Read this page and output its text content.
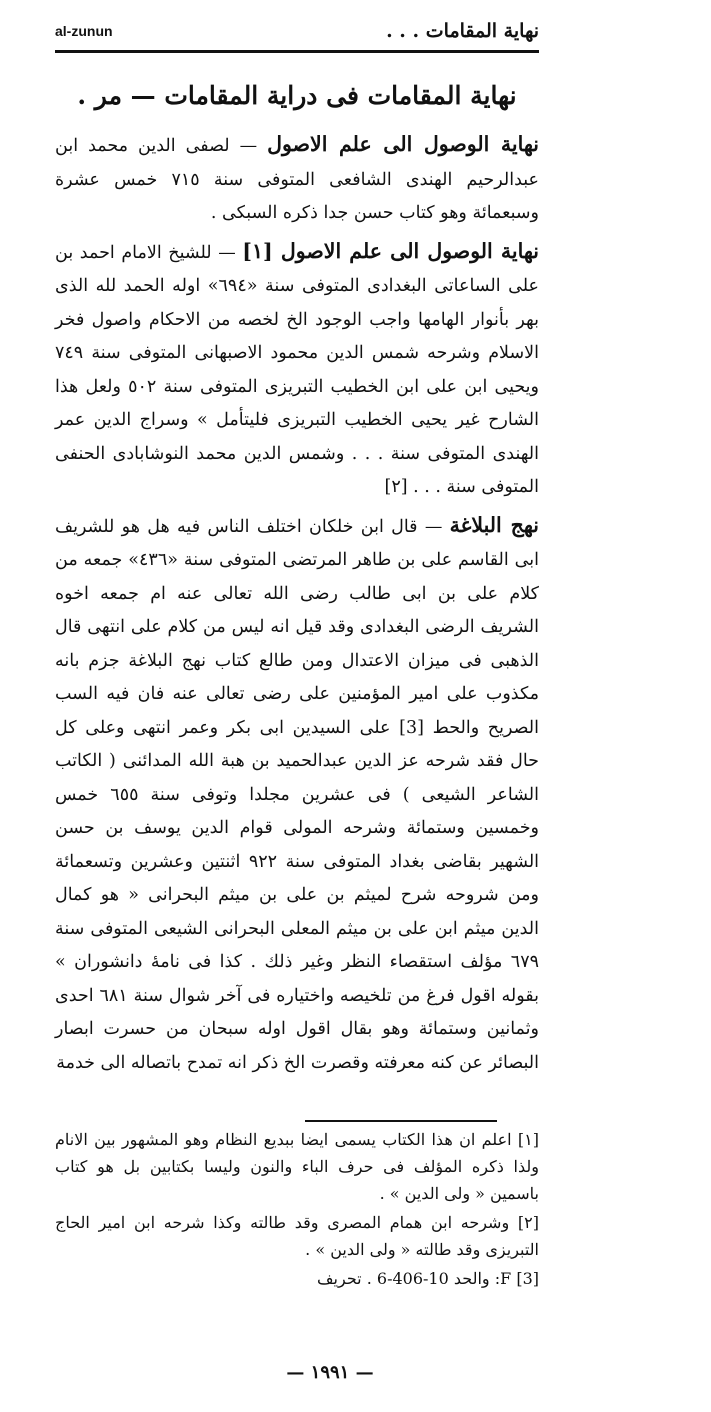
نهاية المقامات . . .
al-zunun
نهاية المقامات فى دراية المقامات — مر .

نهاية الوصول الى علم الاصول — لصفى الدين محمد ابن عبدالرحيم الهندى الشافعى المتوفى سنة ٧١٥ خمس عشرة وسبعمائة وهو كتاب حسن جدا ذكره السبكى .

نهاية الوصول الى علم الاصول [١] — للشيخ الامام احمد بن على الساعاتى البغدادى المتوفى سنة «٦٩٤» اوله الحمد لله الذى بهر بأنوار الهامها واجب الوجود الخ لخصه من الاحكام واصول فخر الاسلام وشرحه شمس الدين محمود الاصبهانى المتوفى سنة ٧٤٩ ويحيى ابن على ابن الخطيب التبريزى المتوفى سنة ٥٠٢ ولعل هذا الشارح غير يحيى الخطيب التبريزى فليتأمل » وسراج الدين عمر الهندى المتوفى سنة . . . وشمس الدين محمد النوشابادى الحنفى المتوفى سنة . . . [٢]

نهج البلاغة — قال ابن خلكان اختلف الناس فيه هل هو للشريف ابى القاسم على بن طاهر المرتضى المتوفى سنة «٤٣٦» جمعه من كلام على بن ابى طالب رضى الله تعالى عنه ام جمعه اخوه الشريف الرضى البغدادى وقد قيل انه ليس من كلام على انتهى قال الذهبى فى ميزان الاعتدال ومن طالع كتاب نهج البلاغة جزم بانه مكذوب على امير المؤمنين على رضى تعالى عنه فان فيه السب الصريح والحط [3] على السيدين ابى بكر وعمر انتهى وعلى كل حال فقد شرحه عز الدين عبدالحميد بن هبة الله المدائنى ( الكاتب الشاعر الشيعى ) فى عشرين مجلدا وتوفى سنة ٦٥٥ خمس وخمسين وستمائة وشرحه المولى قوام الدين يوسف بن حسن الشهير بقاضى بغداد المتوفى سنة ٩٢٢ اثنتين وعشرين وتسعمائة ومن شروحه شرح لميثم بن على بن ميثم البحرانى « هو كمال الدين ميثم ابن على بن ميثم المعلى البحرانى الشيعى المتوفى سنة ٦٧٩ مؤلف استقصاء النظر وغير ذلك . كذا فى نامهٔ دانشوران » بقوله اقول فرغ من تلخيصه واختياره فى آخر شوال سنة ٦٨١ احدى وثمانين وستمائة وهو بقال اقول اوله سبحان من حسرت ابصار البصائر عن كنه معرفته وقصرت الخ ذكر انه تمدح باتصاله الى خدمة

[١] اعلم ان هذا الكتاب يسمى ايضا ببديع النظام وهو المشهور بين الانام ولذا ذكره المؤلف فى حرف الباء والنون وليسا بكتابين بل هو كتاب باسمين « ولى الدين » .

[٢] وشرحه ابن همام المصرى وقد طالته وكذا شرحه ابن امير الحاج التبريزى وقد طالته « ولى الدين » .

[3] F: والحد 10-406-6 . تحريف

— ١٩٩١ —
